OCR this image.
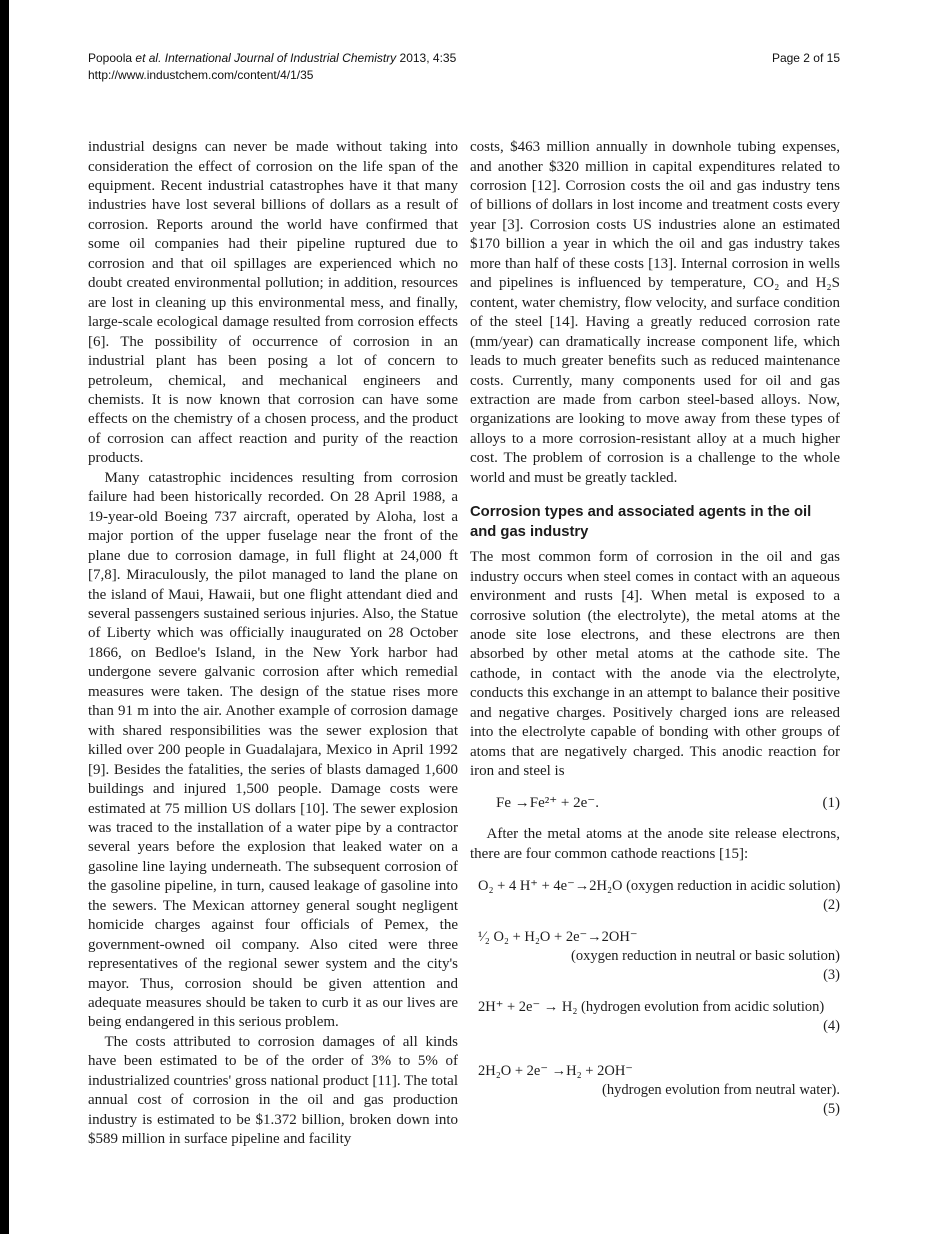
Popoola et al. International Journal of Industrial Chemistry 2013, 4:35
http://www.industchem.com/content/4/1/35
Page 2 of 15

industrial designs can never be made without taking into consideration the effect of corrosion on the life span of the equipment. Recent industrial catastrophes have it that many industries have lost several billions of dollars as a result of corrosion. Reports around the world have confirmed that some oil companies had their pipeline ruptured due to corrosion and that oil spillages are experienced which no doubt created environmental pollution; in addition, resources are lost in cleaning up this environmental mess, and finally, large-scale ecological damage resulted from corrosion effects [6]. The possibility of occurrence of corrosion in an industrial plant has been posing a lot of concern to petroleum, chemical, and mechanical engineers and chemists. It is now known that corrosion can have some effects on the chemistry of a chosen process, and the product of corrosion can affect reaction and purity of the reaction products.

Many catastrophic incidences resulting from corrosion failure had been historically recorded. On 28 April 1988, a 19-year-old Boeing 737 aircraft, operated by Aloha, lost a major portion of the upper fuselage near the front of the plane due to corrosion damage, in full flight at 24,000 ft [7,8]. Miraculously, the pilot managed to land the plane on the island of Maui, Hawaii, but one flight attendant died and several passengers sustained serious injuries. Also, the Statue of Liberty which was officially inaugurated on 28 October 1866, on Bedloe's Island, in the New York harbor had undergone severe galvanic corrosion after which remedial measures were taken. The design of the statue rises more than 91 m into the air. Another example of corrosion damage with shared responsibilities was the sewer explosion that killed over 200 people in Guadalajara, Mexico in April 1992 [9]. Besides the fatalities, the series of blasts damaged 1,600 buildings and injured 1,500 people. Damage costs were estimated at 75 million US dollars [10]. The sewer explosion was traced to the installation of a water pipe by a contractor several years before the explosion that leaked water on a gasoline line laying underneath. The subsequent corrosion of the gasoline pipeline, in turn, caused leakage of gasoline into the sewers. The Mexican attorney general sought negligent homicide charges against four officials of Pemex, the government-owned oil company. Also cited were three representatives of the regional sewer system and the city's mayor. Thus, corrosion should be given attention and adequate measures should be taken to curb it as our lives are being endangered in this serious problem.

The costs attributed to corrosion damages of all kinds have been estimated to be of the order of 3% to 5% of industrialized countries' gross national product [11]. The total annual cost of corrosion in the oil and gas production industry is estimated to be $1.372 billion, broken down into $589 million in surface pipeline and facility

costs, $463 million annually in downhole tubing expenses, and another $320 million in capital expenditures related to corrosion [12]. Corrosion costs the oil and gas industry tens of billions of dollars in lost income and treatment costs every year [3]. Corrosion costs US industries alone an estimated $170 billion a year in which the oil and gas industry takes more than half of these costs [13]. Internal corrosion in wells and pipelines is influenced by temperature, CO₂ and H₂S content, water chemistry, flow velocity, and surface condition of the steel [14]. Having a greatly reduced corrosion rate (mm/year) can dramatically increase component life, which leads to much greater benefits such as reduced maintenance costs. Currently, many components used for oil and gas extraction are made from carbon steel-based alloys. Now, organizations are looking to move away from these types of alloys to a more corrosion-resistant alloy at a much higher cost. The problem of corrosion is a challenge to the whole world and must be greatly tackled.

Corrosion types and associated agents in the oil and gas industry

The most common form of corrosion in the oil and gas industry occurs when steel comes in contact with an aqueous environment and rusts [4]. When metal is exposed to a corrosive solution (the electrolyte), the metal atoms at the anode site lose electrons, and these electrons are then absorbed by other metal atoms at the cathode site. The cathode, in contact with the anode via the electrolyte, conducts this exchange in an attempt to balance their positive and negative charges. Positively charged ions are released into the electrolyte capable of bonding with other groups of atoms that are negatively charged. This anodic reaction for iron and steel is

Fe →Fe²⁺ + 2e⁻.	(1)

After the metal atoms at the anode site release electrons, there are four common cathode reactions [15]:

O₂ + 4 H⁺ + 4e⁻→2H₂O (oxygen reduction in acidic solution)
(2)
¹⁄₂ O₂ + H₂O + 2e⁻→2OH⁻
(oxygen reduction in neutral or basic solution)
(3)
2H⁺ + 2e⁻ → H₂ (hydrogen evolution from acidic solution)
(4)
2H₂O + 2e⁻ →H₂ + 2OH⁻
(hydrogen evolution from neutral water).
(5)
